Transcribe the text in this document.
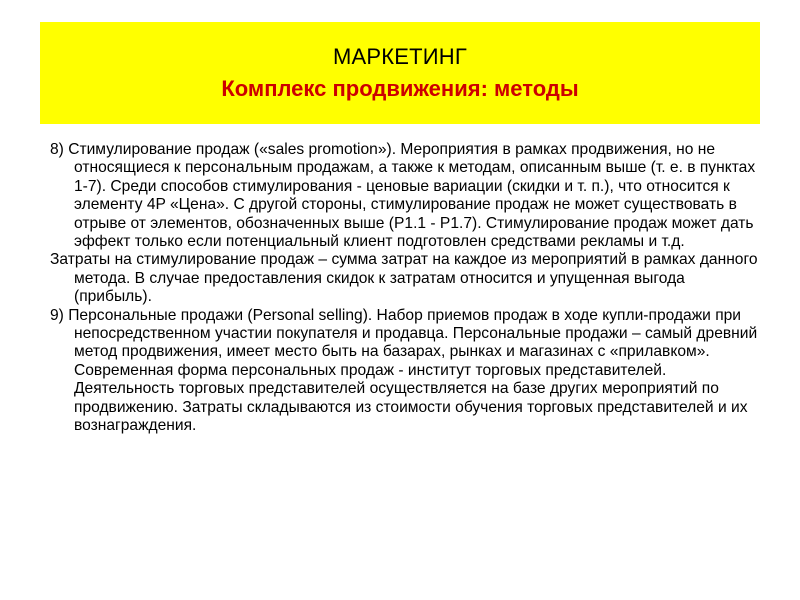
МАРКЕТИНГ
Комплекс продвижения: методы

8) Стимулирование продаж («sales promotion»). Мероприятия в рамках продвижения, но не относящиеся к персональным продажам, а также к методам, описанным выше (т. е. в пунктах 1-7). Среди способов стимулирования - ценовые вариации (скидки и т. п.), что относится к элементу 4P «Цена». С другой стороны, стимулирование продаж не может существовать в отрыве от элементов, обозначенных выше (P1.1 - P1.7). Стимулирование продаж может дать эффект только если потенциальный клиент подготовлен средствами рекламы и т.д.

Затраты на стимулирование продаж – сумма затрат на каждое из мероприятий в рамках данного метода. В случае предоставления скидок к затратам относится и упущенная выгода (прибыль).

9) Персональные продажи (Personal selling). Набор приемов продаж в ходе купли-продажи при непосредственном участии покупателя и продавца. Персональные продажи – самый древний метод продвижения, имеет место быть на базарах, рынках и магазинах с «прилавком». Современная форма персональных продаж - институт торговых представителей. Деятельность торговых представителей осуществляется на базе других мероприятий по продвижению. Затраты складываются из стоимости обучения торговых представителей и их вознаграждения.
